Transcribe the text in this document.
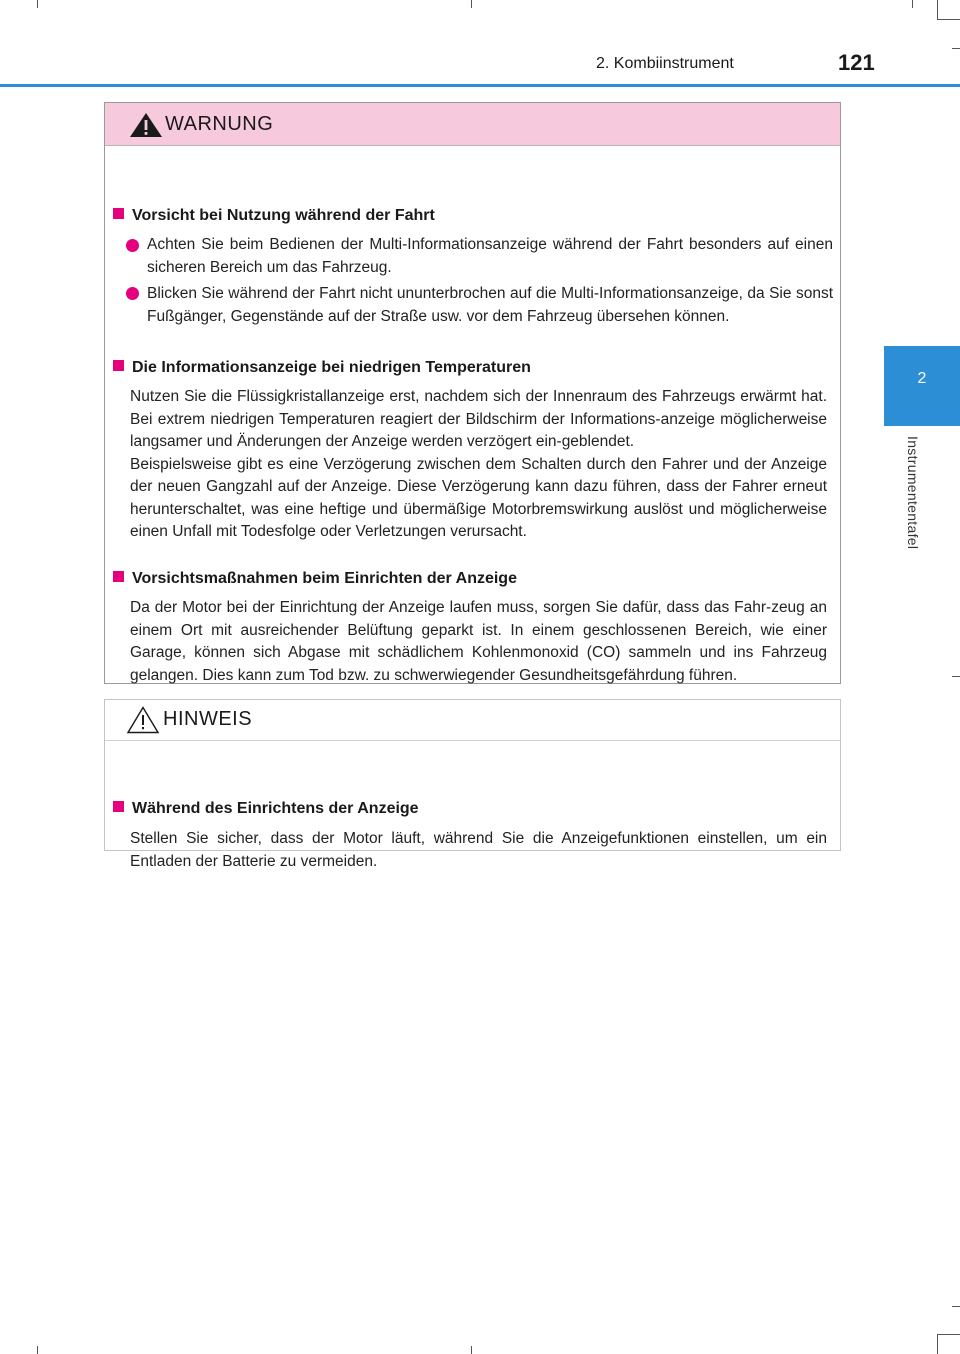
2. Kombiinstrument	121
2
Instrumententafel
WARNUNG
Vorsicht bei Nutzung während der Fahrt
Achten Sie beim Bedienen der Multi-Informationsanzeige während der Fahrt besonders auf einen sicheren Bereich um das Fahrzeug.
Blicken Sie während der Fahrt nicht ununterbrochen auf die Multi-Informationsanzeige, da Sie sonst Fußgänger, Gegenstände auf der Straße usw. vor dem Fahrzeug übersehen können.
Die Informationsanzeige bei niedrigen Temperaturen

Nutzen Sie die Flüssigkristallanzeige erst, nachdem sich der Innenraum des Fahrzeugs erwärmt hat. Bei extrem niedrigen Temperaturen reagiert der Bildschirm der Informations-anzeige möglicherweise langsamer und Änderungen der Anzeige werden verzögert ein-geblendet.

Beispielsweise gibt es eine Verzögerung zwischen dem Schalten durch den Fahrer und der Anzeige der neuen Gangzahl auf der Anzeige. Diese Verzögerung kann dazu führen, dass der Fahrer erneut herunterschaltet, was eine heftige und übermäßige Motorbremswirkung auslöst und möglicherweise einen Unfall mit Todesfolge oder Verletzungen verursacht.

Vorsichtsmaßnahmen beim Einrichten der Anzeige

Da der Motor bei der Einrichtung der Anzeige laufen muss, sorgen Sie dafür, dass das Fahr-zeug an einem Ort mit ausreichender Belüftung geparkt ist. In einem geschlossenen Bereich, wie einer Garage, können sich Abgase mit schädlichem Kohlenmonoxid (CO) sammeln und ins Fahrzeug gelangen. Dies kann zum Tod bzw. zu schwerwiegender Gesundheitsgefährdung führen.

HINWEIS
Während des Einrichtens der Anzeige

Stellen Sie sicher, dass der Motor läuft, während Sie die Anzeigefunktionen einstellen, um ein Entladen der Batterie zu vermeiden.
